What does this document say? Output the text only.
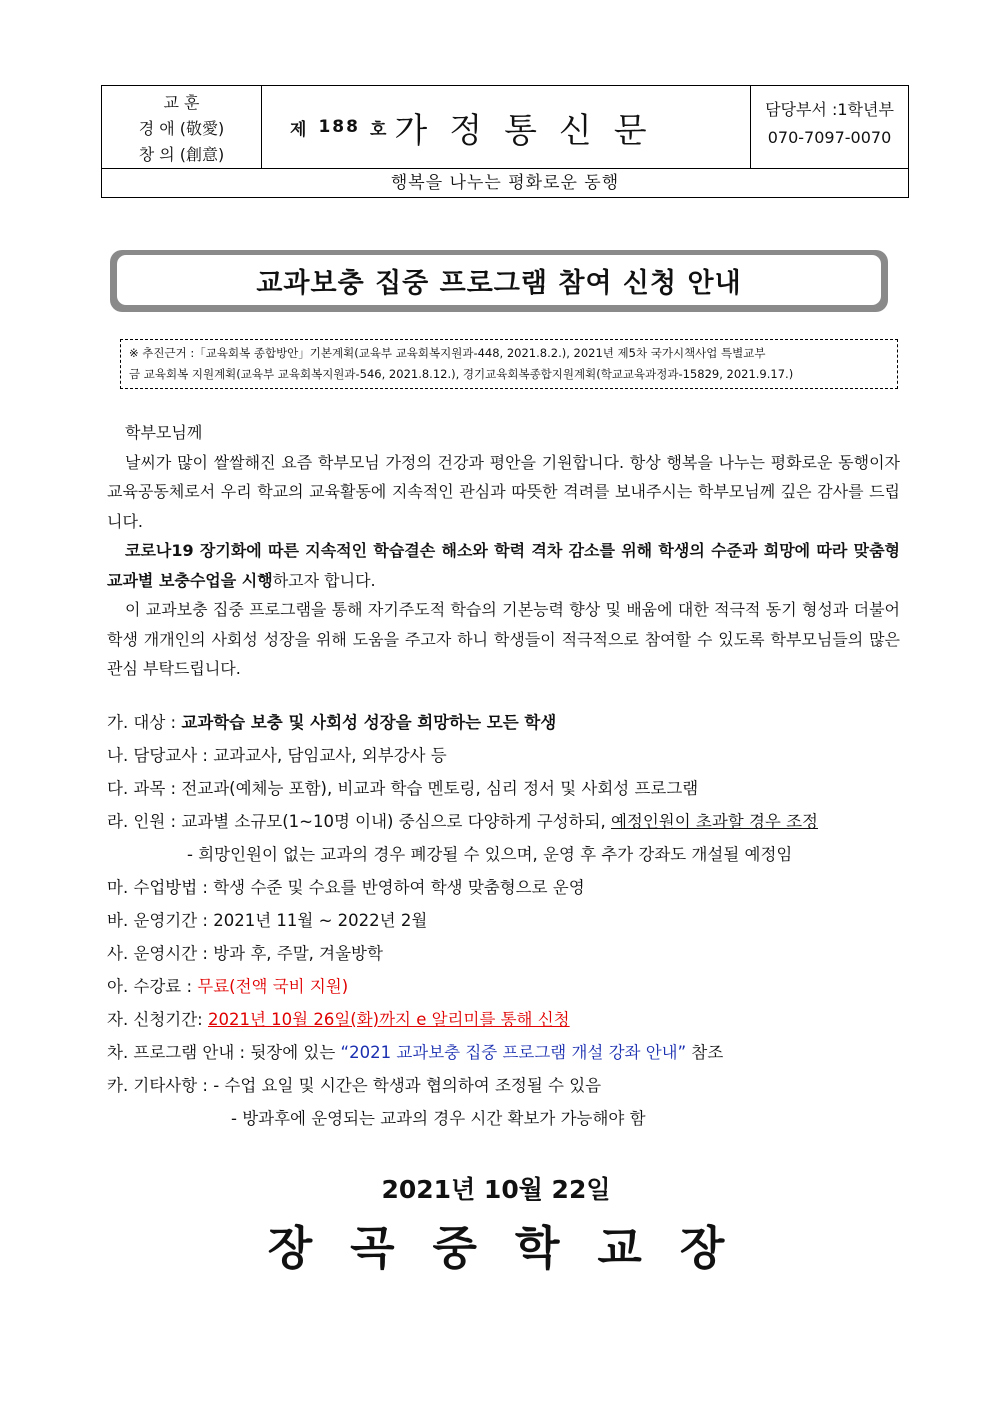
교 훈
경 애 (敬愛)
창 의 (創意)
제 188 호 가정통신문
담당부서 :1학년부
070-7097-0070
행복을 나누는 평화로운 동행
교과보충 집중 프로그램 참여 신청 안내
※ 추진근거 :「교육회복 종합방안」기본계획(교육부 교육회복지원과-448, 2021.8.2.), 2021년 제5차 국가시책사업 특별교부
금 교육회복 지원계획(교육부 교육회복지원과-546, 2021.8.12.), 경기교육회복종합지원계획(학교교육과정과-15829, 2021.9.17.)
학부모님께
날씨가 많이 쌀쌀해진 요즘 학부모님 가정의 건강과 평안을 기원합니다. 항상 행복을 나누는 평화로운 동행이자 교육공동체로서 우리 학교의 교육활동에 지속적인 관심과 따뜻한 격려를 보내주시는 학부모님께 깊은 감사를 드립니다.
코로나19 장기화에 따른 지속적인 학습결손 해소와 학력 격차 감소를 위해 학생의 수준과 희망에 따라 맞춤형 교과별 보충수업을 시행하고자 합니다.
이 교과보충 집중 프로그램을 통해 자기주도적 학습의 기본능력 향상 및 배움에 대한 적극적 동기 형성과 더불어 학생 개개인의 사회성 성장을 위해 도움을 주고자 하니 학생들이 적극적으로 참여할 수 있도록 학부모님들의 많은 관심 부탁드립니다.
가. 대상 : 교과학습 보충 및 사회성 성장을 희망하는 모든 학생
나. 담당교사 : 교과교사, 담임교사, 외부강사 등
다. 과목 : 전교과(예체능 포함), 비교과 학습 멘토링, 심리 정서 및 사회성 프로그램
라. 인원 : 교과별 소규모(1~10명 이내) 중심으로 다양하게 구성하되, 예정인원이 초과할 경우 조정
- 희망인원이 없는 교과의 경우 폐강될 수 있으며, 운영 후 추가 강좌도 개설될 예정임
마. 수업방법 : 학생 수준 및 수요를 반영하여 학생 맞춤형으로 운영
바. 운영기간 : 2021년 11월 ~ 2022년 2월
사. 운영시간 : 방과 후, 주말, 겨울방학
아. 수강료 : 무료(전액 국비 지원)
자. 신청기간: 2021년 10월 26일(화)까지 e 알리미를 통해 신청
차. 프로그램 안내 : 뒷장에 있는 “2021 교과보충 집중 프로그램 개설 강좌 안내” 참조
카. 기타사항 : - 수업 요일 및 시간은 학생과 협의하여 조정될 수 있음
- 방과후에 운영되는 교과의 경우 시간 확보가 가능해야 함
2021년 10월 22일
장곡중학교장
